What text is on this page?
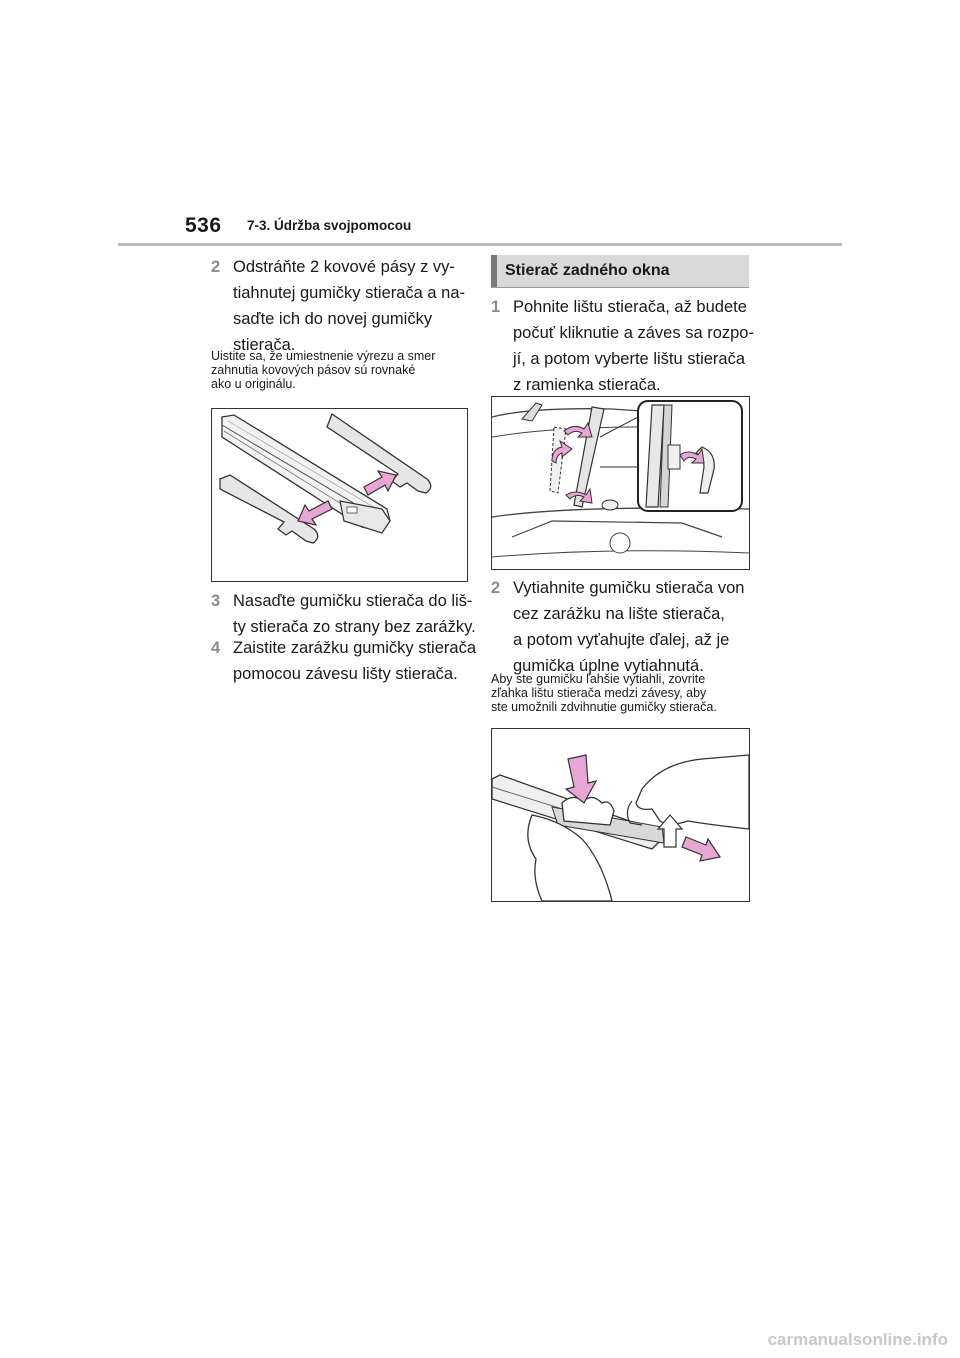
536 7-3. Údržba svojpomocou
2 Odstráňte 2 kovové pásy z vy-
tiahnutej gumičky stierača a na-
saďte ich do novej gumičky
stierača.
Uistite sa, že umiestnenie výrezu a smer
zahnutia kovových pásov sú rovnaké
ako u originálu.
3 Nasaďte gumičku stierača do liš-
ty stierača zo strany bez zarážky.
4 Zaistite zarážku gumičky stierača
pomocou závesu lišty stierača.
Stierač zadného okna
1 Pohnite lištu stierača, až budete
počuť kliknutie a záves sa rozpo-
jí, a potom vyberte lištu stierača
z ramienka stierača.
2 Vytiahnite gumičku stierača von
cez zarážku na lište stierača,
a potom vyťahujte ďalej, až je
gumička úplne vytiahnutá.
Aby ste gumičku ľahšie vytiahli, zovrite
zľahka lištu stierača medzi závesy, aby
ste umožnili zdvihnutie gumičky stierača.
carmanualsonline.info
